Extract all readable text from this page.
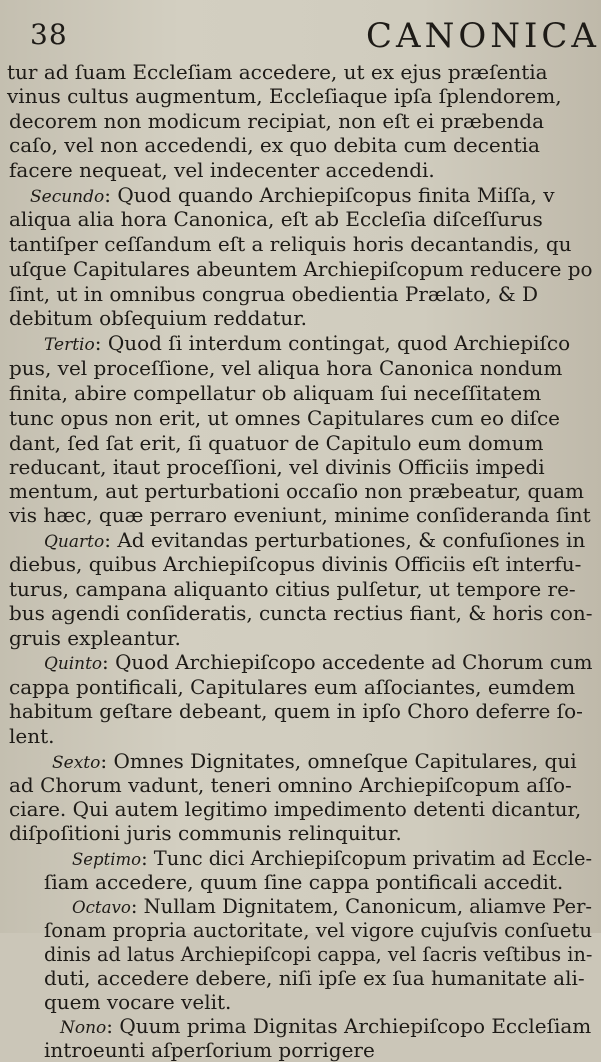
38	CANONICA
tur ad ſuam Eccleſiam accedere, ut ex ejus præſentia
vinus cultus augmentum, Eccleſiaque ipſa ſplendorem,
decorem non modicum recipiat, non eſt ei præbenda
caſo, vel non accedendi, ex quo debita cum decentia
facere nequeat, vel indecenter accedendi.
Secundo: Quod quando Archiepiſcopus finita Miſſa, v
aliqua alia hora Canonica, eſt ab Eccleſia diſceſſurus
tantiſper ceſſandum eſt a reliquis horis decantandis, qu
uſque Capitulares abeuntem Archiepiſcopum reducere po
ſint, ut in omnibus congrua obedientia Prælato, & D
debitum obſequium reddatur.
Tertio: Quod ſi interdum contingat, quod Archiepiſco
pus, vel proceſſione, vel aliqua hora Canonica nondum
finita, abire compellatur ob aliquam ſui neceſſitatem
tunc opus non erit, ut omnes Capitulares cum eo diſce
dant, ſed ſat erit, ſi quatuor de Capitulo eum domum
reducant, itaut proceſſioni, vel divinis Officiis impedi
mentum, aut perturbationi occaſio non præbeatur, quam
vis hæc, quæ perraro eveniunt, minime conſideranda ſint
Quarto: Ad evitandas perturbationes, & confuſiones in
diebus, quibus Archiepiſcopus divinis Officiis eſt interfu-
turus, campana aliquanto citius pulſetur, ut tempore re-
bus agendi conſideratis, cuncta rectius fiant, & horis con-
gruis expleantur.
Quinto: Quod Archiepiſcopo accedente ad Chorum cum
cappa pontificali, Capitulares eum aſſociantes, eumdem
habitum geſtare debeant, quem in ipſo Choro deferre ſo-
lent.
Sexto: Omnes Dignitates, omneſque Capitulares, qui
ad Chorum vadunt, teneri omnino Archiepiſcopum aſſo-
ciare. Qui autem legitimo impedimento detenti dicantur,
diſpoſitioni juris communis relinquitur.
Septimo: Tunc dici Archiepiſcopum privatim ad Eccle-
ſiam accedere, quum ſine cappa pontificali accedit.
Octavo: Nullam Dignitatem, Canonicum, aliamve Per-
ſonam propria auctoritate, vel vigore cujuſvis conſuetu
dinis ad latus Archiepiſcopi cappa, vel ſacris veſtibus in-
duti, accedere debere, niſi ipſe ex ſua humanitate ali-
quem vocare velit.
Nono: Quum prima Dignitas Archiepiſcopo Eccleſiam
introeunti aſperſorium porrigere
